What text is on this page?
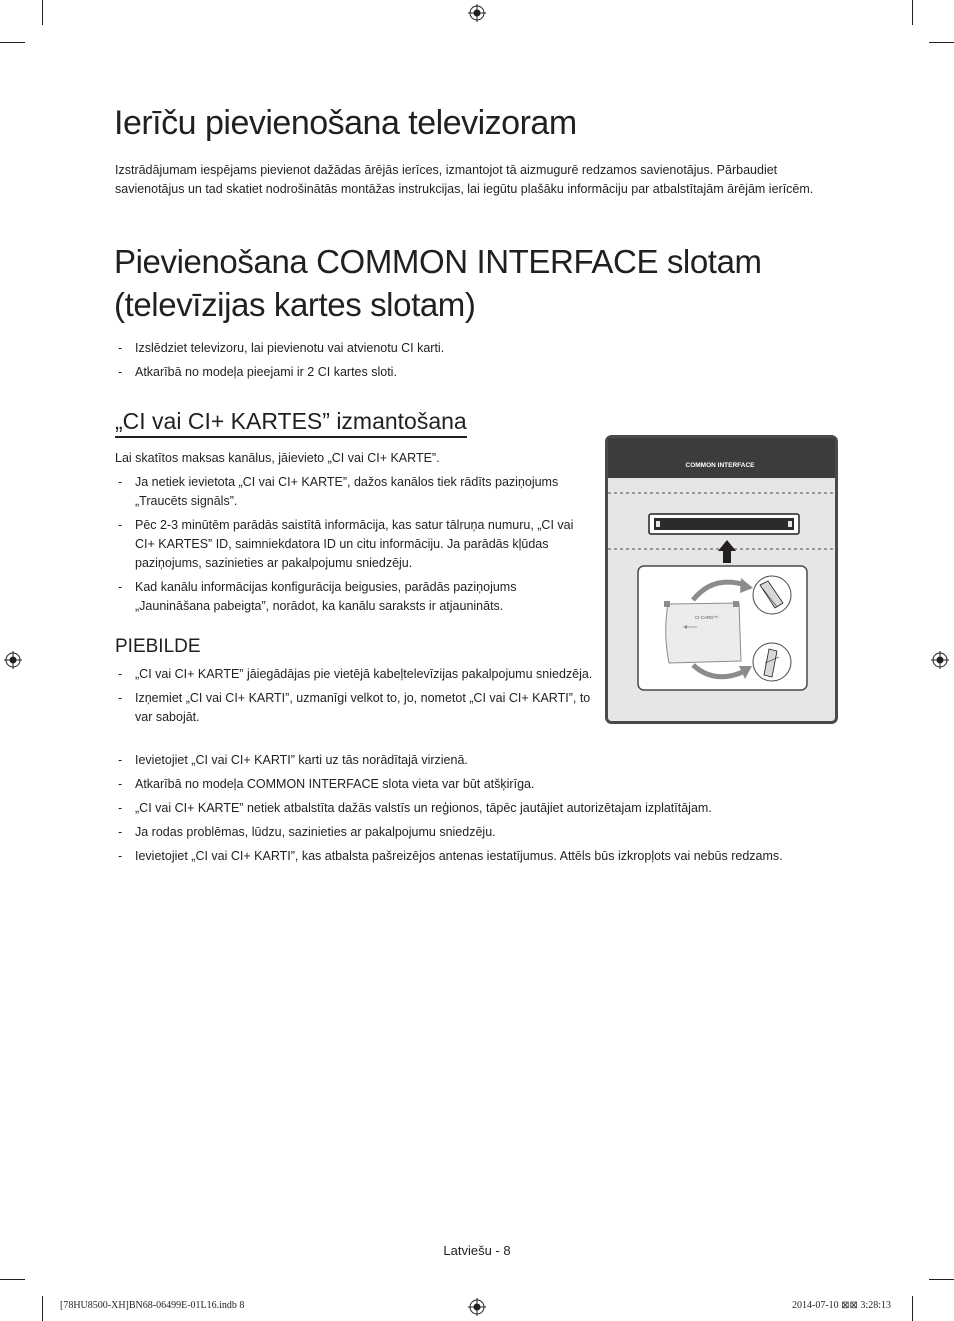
Ierīču pievienošana televizoram

Izstrādājumam iespējams pievienot dažādas ārējās ierīces, izmantojot tā aizmugurē redzamos savienotājus. Pārbaudiet savienotājus un tad skatiet nodrošinātās montāžas instrukcijas, lai iegūtu plašāku informāciju par atbalstītajām ārējām ierīcēm.

Pievienošana COMMON INTERFACE slotam
(televīzijas kartes slotam)
- Izslēdziet televizoru, lai pievienotu vai atvienotu CI karti.
- Atkarībā no modeļa pieejami ir 2 CI kartes sloti.
„CI vai CI+ KARTES” izmantošana

Lai skatītos maksas kanālus, jāievieto „CI vai CI+ KARTE”.

- Ja netiek ievietota „CI vai CI+ KARTE”, dažos kanālos tiek rādīts paziņojums „Traucēts signāls”.
- Pēc 2-3 minūtēm parādās saistītā informācija, kas satur tālruņa numuru, „CI vai CI+ KARTES” ID, saimniekdatora ID un citu informāciju. Ja parādās kļūdas paziņojums, sazinieties ar pakalpojumu sniedzēju.
- Kad kanālu informācijas konfigurācija beigusies, parādās paziņojums „Jaunināšana pabeigta”, norādot, ka kanālu saraksts ir atjaunināts.
PIEBILDE
- „CI vai CI+ KARTE” jāiegādājas pie vietējā kabeļtelevīzijas pakalpojumu sniedzēja.
- Izņemiet „CI vai CI+ KARTI”, uzmanīgi velkot to, jo, nometot „CI vai CI+ KARTI”, to var sabojāt.
- Ievietojiet „CI vai CI+ KARTI” karti uz tās norādītajā virzienā.
- Atkarībā no modeļa COMMON INTERFACE slota vieta var būt atšķirīga.
- „CI vai CI+ KARTE” netiek atbalstīta dažās valstīs un reģionos, tāpēc jautājiet autorizētajam izplatītājam.
- Ja rodas problēmas, lūdzu, sazinieties ar pakalpojumu sniedzēju.
- Ievietojiet „CI vai CI+ KARTI”, kas atbalsta pašreizējos antenas iestatījumus. Attēls būs izkropļots vai nebūs redzams.
COMMON INTERFACE
CI CARD™
Latviešu - 8
[78HU8500-XH]BN68-06499E-01L16.indb 8	2014-07-10 ⊠⊠ 3:28:13
